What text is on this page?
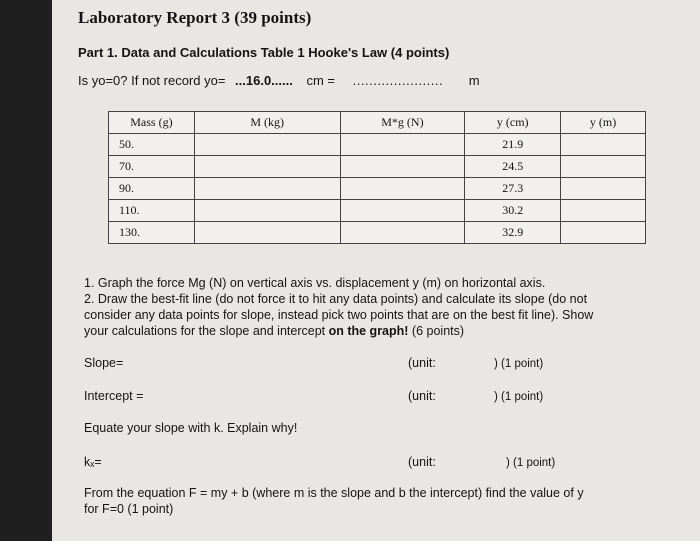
Laboratory Report 3 (39 points)
Part 1. Data and Calculations Table 1 Hooke's Law (4 points)
Is yo=0? If not record yo= ...16.0...... cm = ...................... m
Mass (g)	M (kg)	M*g (N)	y (cm)	y (m)
50.			21.9	
70.			24.5	
90.			27.3	
110.			30.2	
130.			32.9	
1. Graph the force Mg (N) on vertical axis vs. displacement y (m) on horizontal axis.
2. Draw the best-fit line (do not force it to hit any data points) and calculate its slope (do not
consider any data points for slope, instead pick two points that are on the best fit line). Show
your calculations for the slope and intercept on the graph! (6 points)
Slope=	(unit:	) (1 point)
Intercept =	(unit:	) (1 point)
Equate your slope with k. Explain why!
kₓ=	(unit:	) (1 point)
From the equation F = my + b (where m is the slope and b the intercept) find the value of y
for F=0 (1 point)
